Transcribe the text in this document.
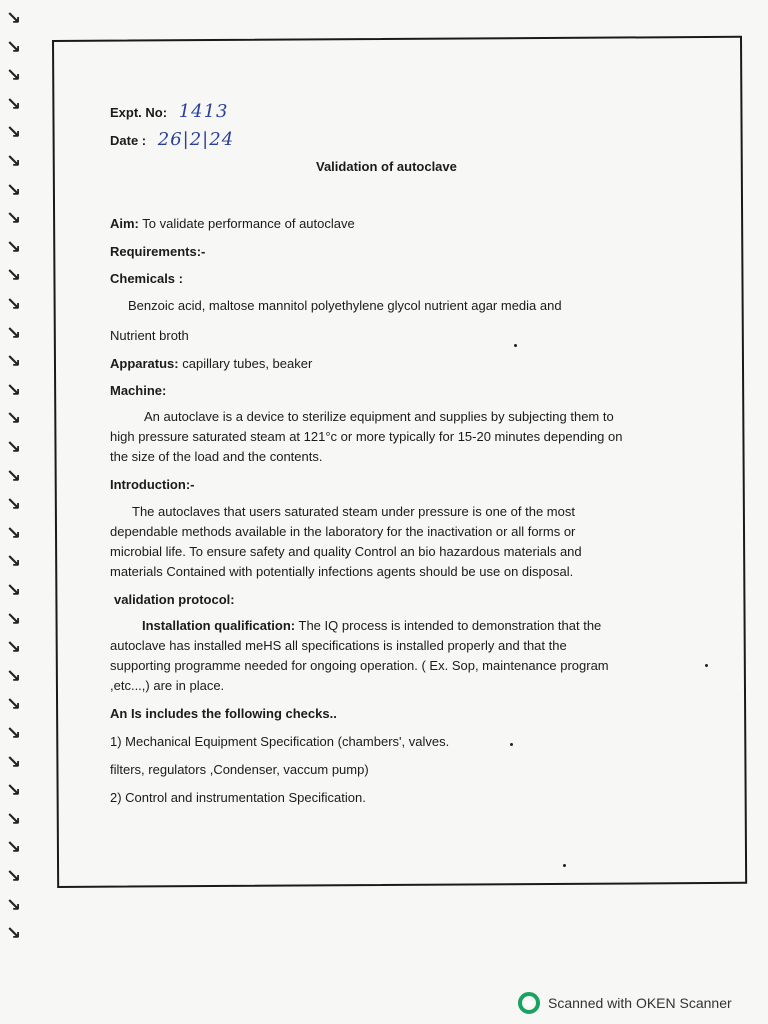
↘
↘
↘
↘
↘
↘
↘
↘
↘
↘
↘
↘
↘
↘
↘
↘
↘
↘
↘
↘
↘
↘
↘
↘
↘
↘
↘
↘
↘
↘
↘
↘
↘
Expt. No: 1413
Date : 26|2|24
Validation of autoclave
Aim: To validate performance of autoclave
Requirements:-
Chemicals :
Benzoic acid, maltose mannitol polyethylene glycol nutrient agar media and
Nutrient broth
Apparatus: capillary tubes, beaker
Machine:
An autoclave is a device to sterilize equipment and supplies by subjecting them to
high pressure saturated steam at 121°c or more typically for 15-20 minutes depending on
the size of the load and the contents.
Introduction:-
The autoclaves that users saturated steam under pressure is one of the most
dependable methods available in the laboratory for the inactivation or all forms or
microbial life. To ensure safety and quality Control an bio hazardous materials and
materials Contained with potentially infections agents should be use on disposal.
validation protocol:
Installation qualification: The IQ process is intended to demonstration that the
autoclave has installed meHS all specifications is installed properly and that the
supporting programme needed for ongoing operation. ( Ex. Sop, maintenance program
,etc...,) are in place.
An Is includes the following checks..
1) Mechanical Equipment Specification (chambers', valves.
filters, regulators ,Condenser, vaccum pump)
2) Control and instrumentation Specification.
Scanned with OKEN Scanner
